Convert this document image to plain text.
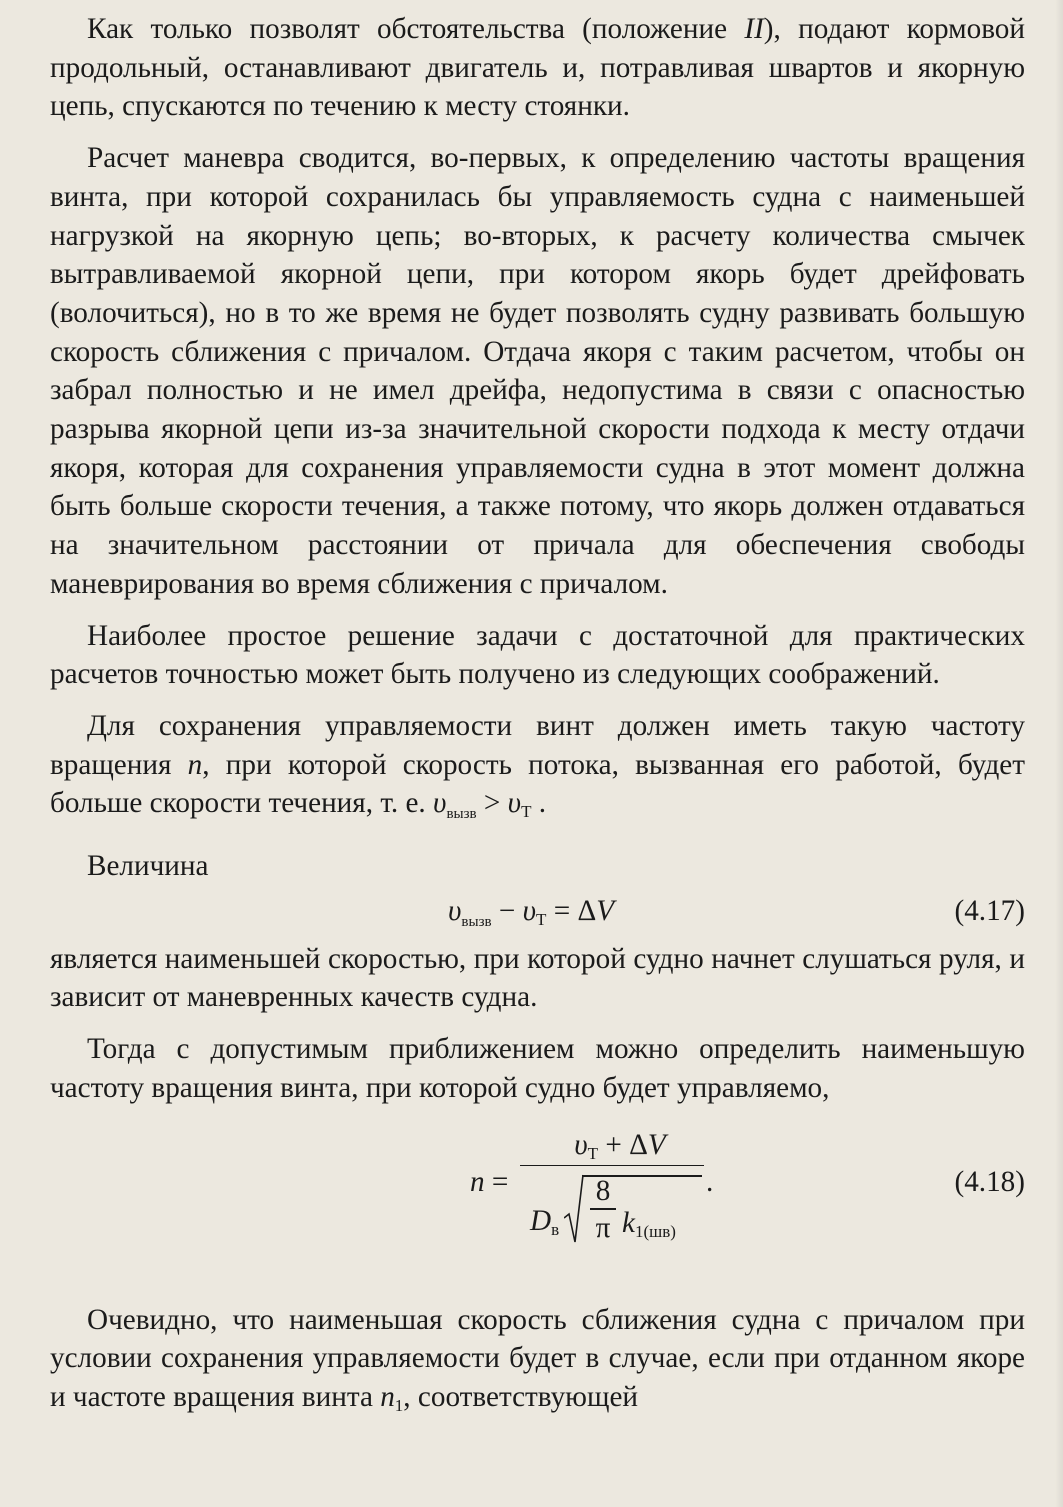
Как только позволят обстоятельства (положение II), подают кормовой продольный, останавливают двигатель и, потравливая швартов и якорную цепь, спускаются по течению к месту стоянки.

Расчет маневра сводится, во-первых, к определению частоты вращения винта, при которой сохранилась бы управляемость судна с наименьшей нагрузкой на якорную цепь; во-вторых, к расчету количества смычек вытравливаемой якорной цепи, при котором якорь будет дрейфовать (волочиться), но в то же время не будет позволять судну развивать большую скорость сближения с причалом. Отдача якоря с таким расчетом, чтобы он забрал полностью и не имел дрейфа, недопустима в связи с опасностью разрыва якорной цепи из-за значительной скорости подхода к месту отдачи якоря, которая для сохранения управляемости судна в этот момент должна быть больше скорости течения, а также потому, что якорь должен отдаваться на значительном расстоянии от причала для обеспечения свободы маневрирования во время сближения с причалом.

Наиболее простое решение задачи с достаточной для практических расчетов точностью может быть получено из следующих соображений.

Для сохранения управляемости винт должен иметь такую частоту вращения n, при которой скорость потока, вызванная его работой, будет больше скорости течения, т. е. $\upsilon_{вызв} > \upsilon_Т$ .

Величина

$\upsilon_{вызв} - \upsilon_Т = \Delta V$	(4.17)

является наименьшей скоростью, при которой судно начнет слушаться руля, и зависит от маневренных качеств судна.

Тогда с допустимым приближением можно определить наименьшую частоту вращения винта, при которой судно будет управляемо,

n =
$\upsilon_Т + \Delta V$
$D_в$
8
π $k_{1(шв)}$
.	(4.18)

Очевидно, что наименьшая скорость сближения судна с причалом при условии сохранения управляемости будет в случае, если при отданном якоре и частоте вращения винта $n_1$, соответствующей
